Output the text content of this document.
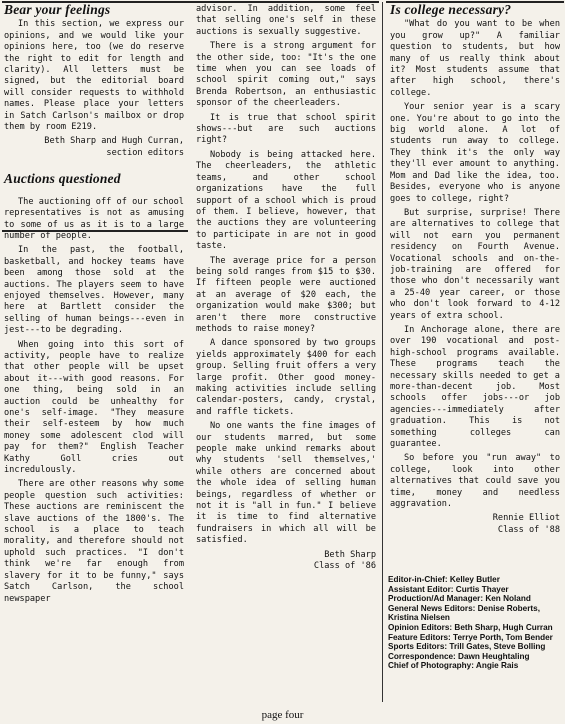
Bear your feelings

In this section, we express our opinions, and we would like your opinions here, too (we do reserve the right to edit for length and clarity). All letters must be signed, but the editorial board will consider requests to withhold names. Please place your letters in Satch Carlson's mailbox or drop them by room E219.

Beth Sharp and Hugh Curran,
section editors
Auctions questioned

The auctioning off of our school representatives is not as amusing to some of us as it is to a large number of people.

In the past, the football, basketball, and hockey teams have been among those sold at the auctions. The players seem to have enjoyed themselves. However, many here at Bartlett consider the selling of human beings---even in jest---to be degrading.

When going into this sort of activity, people have to realize that other people will be upset about it---with good reasons. For one thing, being sold in an auction could be unhealthy for one's self-image. "They measure their self-esteem by how much money some adolescent clod will pay for them?" English Teacher Kathy Goll cries out incredulously.

There are other reasons why some people question such activities: These auctions are reminiscent the slave auctions of the 1800's. The school is a place to teach morality, and therefore should not uphold such practices. "I don't think we're far enough from slavery for it to be funny," says Satch Carlson, the school newspaper

advisor. In addition, some feel that selling one's self in these auctions is sexually suggestive.

There is a strong argument for the other side, too: "It's the one time when you can see loads of school spirit coming out," says Brenda Robertson, an enthusiastic sponsor of the cheerleaders.

It is true that school spirit shows---but are such auctions right?

Nobody is being attacked here. The cheerleaders, the athletic teams, and other school organizations have the full support of a school which is proud of them. I believe, however, that the auctions they are volunteering to participate in are not in good taste.

The average price for a person being sold ranges from $15 to $30. If fifteen people were auctioned at an average of $20 each, the organization would make $300; but aren't there more constructive methods to raise money?

A dance sponsored by two groups yields approximately $400 for each group. Selling fruit offers a very large profit. Other good money-making activities include selling calendar-posters, candy, crystal, and raffle tickets.

No one wants the fine images of our students marred, but some people make unkind remarks about why students 'sell themselves,' while others are concerned about the whole idea of selling human beings, regardless of whether or not it is "all in fun." I believe it is time to find alternative fundraisers in which all will be satisfied.

Beth Sharp
Class of '86
Is college necessary?

"What do you want to be when you grow up?" A familiar question to students, but how many of us really think about it? Most students assume that after high school, there's college.

Your senior year is a scary one. You're about to go into the big world alone. A lot of students run away to college. They think it's the only way they'll ever amount to anything. Mom and Dad like the idea, too. Besides, everyone who is anyone goes to college, right?

But surprise, surprise! There are alternatives to college that will not earn you permanent residency on Fourth Avenue. Vocational schools and on-the-job-training are offered for those who don't necessarily want a 25-40 year career, or those who don't look forward to 4-12 years of extra school.

In Anchorage alone, there are over 190 vocational and post-high-school programs available. These programs teach the necessary skills needed to get a more-than-decent job. Most schools offer jobs---or job agencies---immediately after graduation. This is not something colleges can guarantee.

So before you "run away" to college, look into other alternatives that could save you time, money and needless aggravation.

Rennie Elliot
Class of '88
Editor-in-Chief: Kelley Butler
Assistant Editor: Curtis Thayer
Production/Ad Manager: Ken Noland
General News Editors: Denise Roberts, Kristina Nielsen
Opinion Editors: Beth Sharp, Hugh Curran
Feature Editors: Terrye Porth, Tom Bender
Sports Editors: Trill Gates, Steve Bolling
Correspondence: Dawn Heughtaling
Chief of Photography: Angie Rais
page four
